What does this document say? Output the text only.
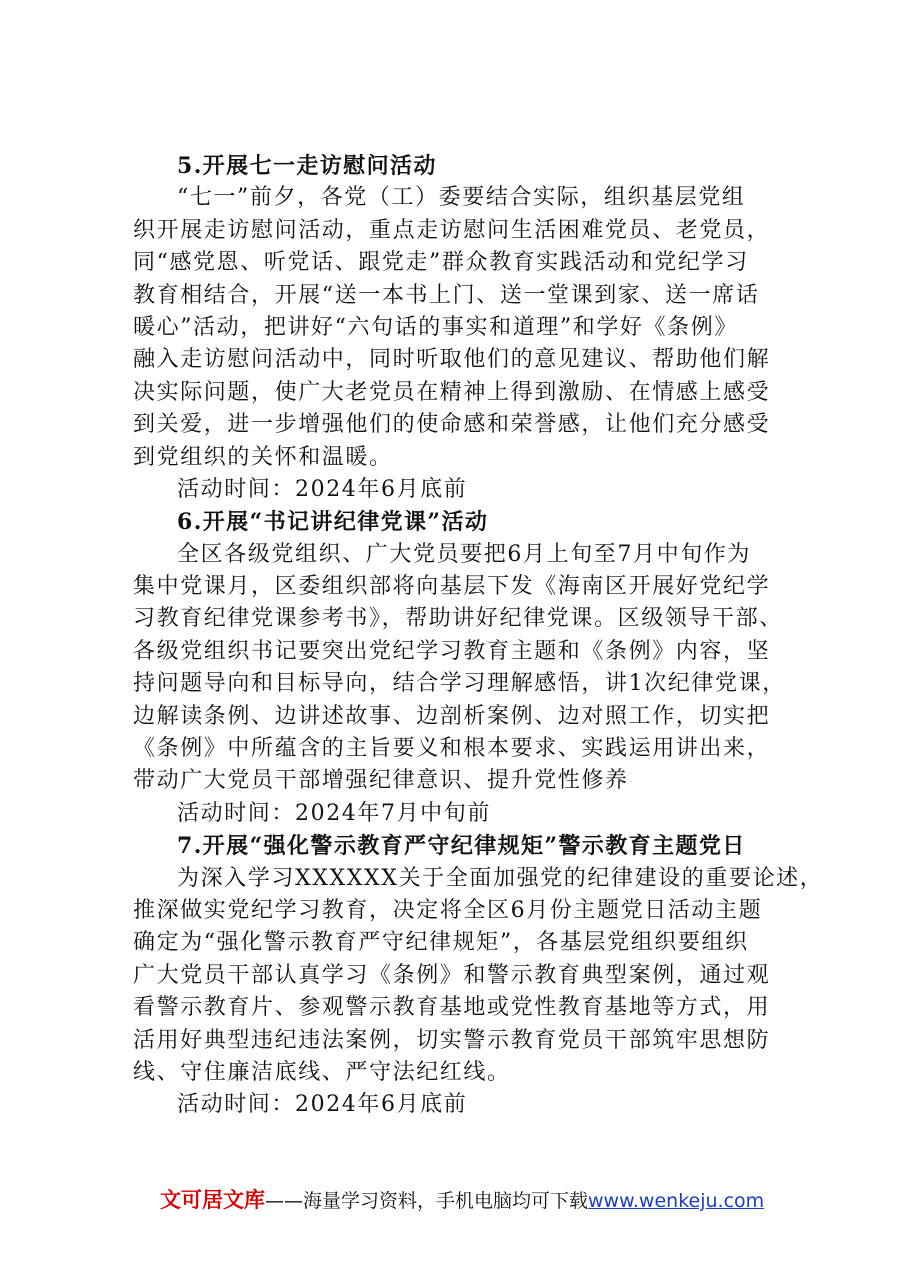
5.开展七一走访慰问活动
“七一”前夕，各党（工）委要结合实际，组织基层党组
织开展走访慰问活动，重点走访慰问生活困难党员、老党员，
同“感党恩、听党话、跟党走”群众教育实践活动和党纪学习
教育相结合，开展“送一本书上门、送一堂课到家、送一席话
暖心”活动，把讲好“六句话的事实和道理”和学好《条例》
融入走访慰问活动中，同时听取他们的意见建议、帮助他们解
决实际问题，使广大老党员在精神上得到激励、在情感上感受
到关爱，进一步增强他们的使命感和荣誉感，让他们充分感受
到党组织的关怀和温暖。
活动时间：2024年6月底前
6.开展“书记讲纪律党课”活动
全区各级党组织、广大党员要把6月上旬至7月中旬作为
集中党课月，区委组织部将向基层下发《海南区开展好党纪学
习教育纪律党课参考书》，帮助讲好纪律党课。区级领导干部、
各级党组织书记要突出党纪学习教育主题和《条例》内容，坚
持问题导向和目标导向，结合学习理解感悟，讲1次纪律党课，
边解读条例、边讲述故事、边剖析案例、边对照工作，切实把
《条例》中所蕴含的主旨要义和根本要求、实践运用讲出来，
带动广大党员干部增强纪律意识、提升党性修养
活动时间：2024年7月中旬前
7.开展“强化警示教育严守纪律规矩”警示教育主题党日
为深入学习XXXXXX关于全面加强党的纪律建设的重要论述，
推深做实党纪学习教育，决定将全区6月份主题党日活动主题
确定为“强化警示教育严守纪律规矩”，各基层党组织要组织
广大党员干部认真学习《条例》和警示教育典型案例，通过观
看警示教育片、参观警示教育基地或党性教育基地等方式，用
活用好典型违纪违法案例，切实警示教育党员干部筑牢思想防
线、守住廉洁底线、严守法纪红线。
活动时间：2024年6月底前
文可居文库——海量学习资料，手机电脑均可下载www.wenkeju.com
